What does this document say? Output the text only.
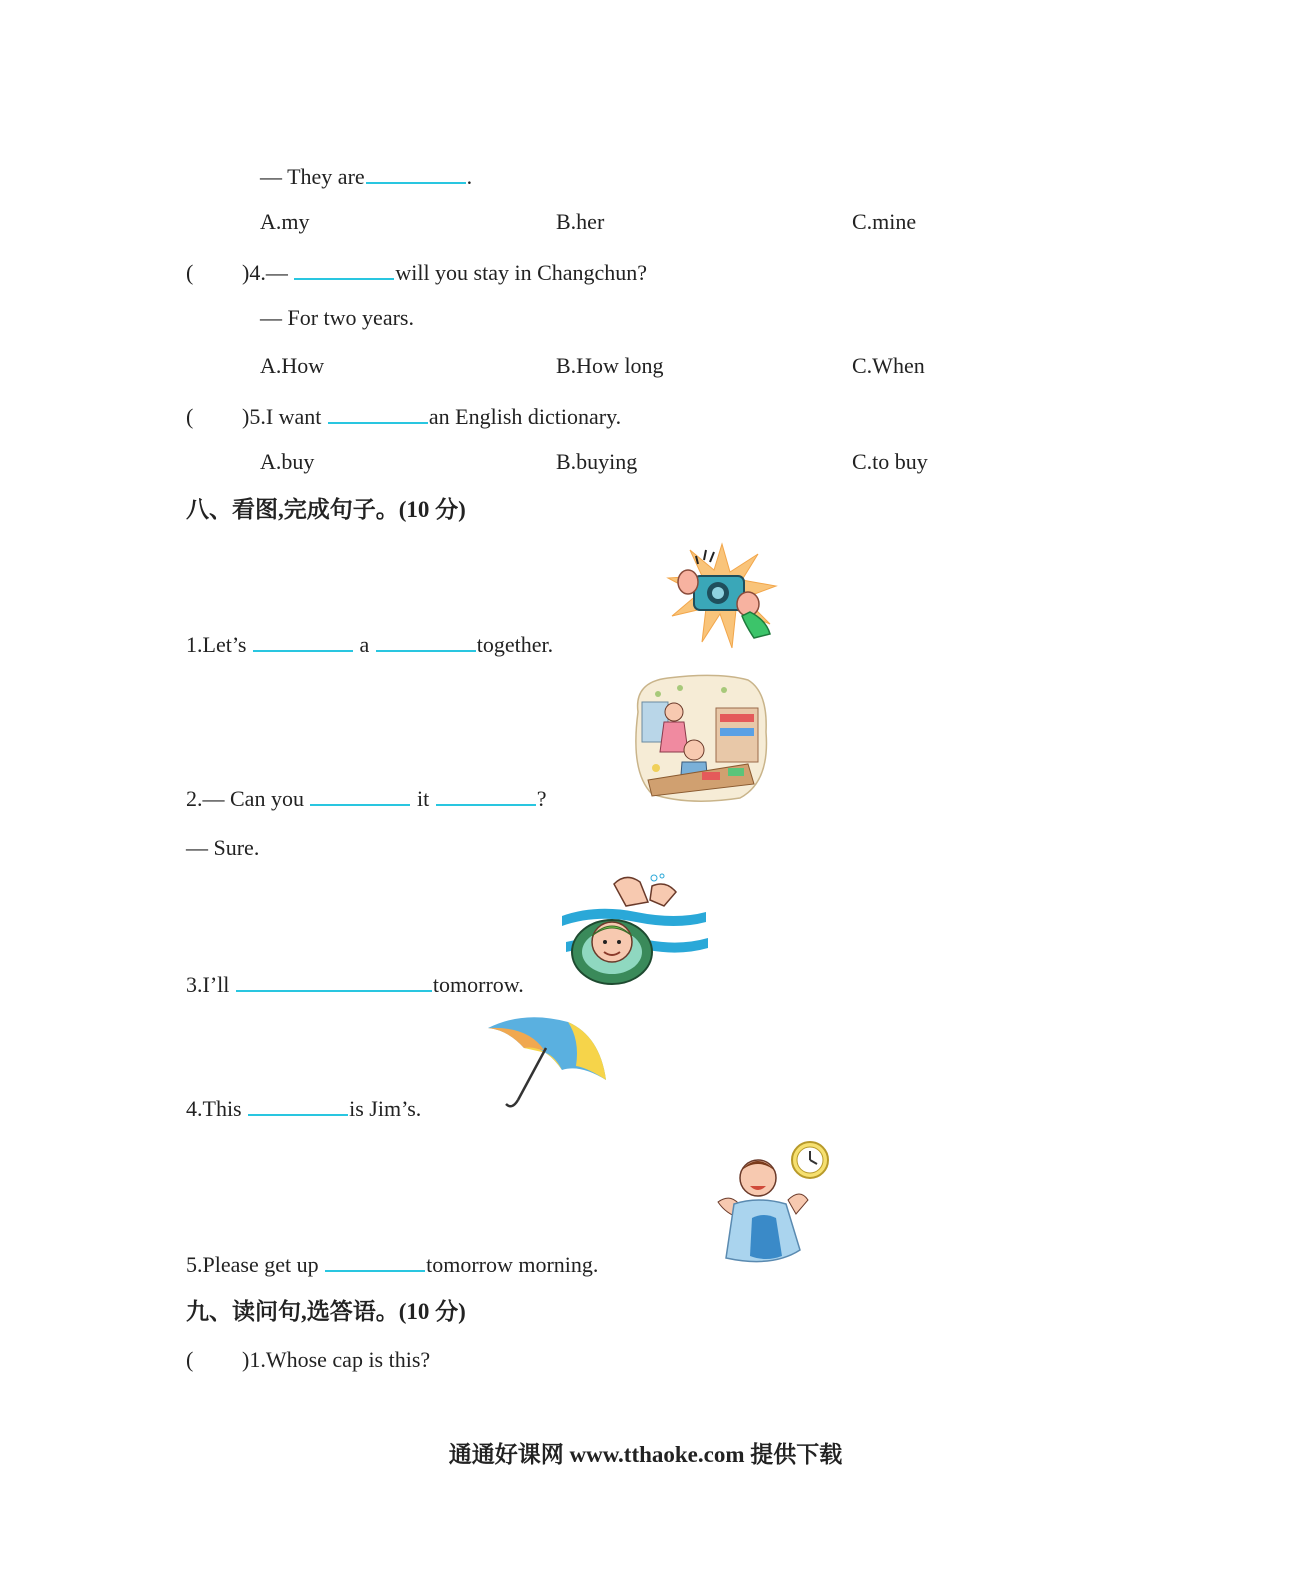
— They are	.
A.my	B.her	C.mine
( )4.—	will you stay in Changchun?
— For two years.
A.How	B.How long	C.When
( )5.I want	an English dictionary.
A.buy	B.buying	C.to buy
八、看图,完成句子。(10 分)
1.Let’s	a	together.
2.— Can you	it	?
— Sure.
3.I’ll	tomorrow.
4.This	is Jim’s.
5.Please get up	tomorrow morning.
九、读问句,选答语。(10 分)
( )1.Whose cap is this?
通通好课网 www.tthaoke.com 提供下载
